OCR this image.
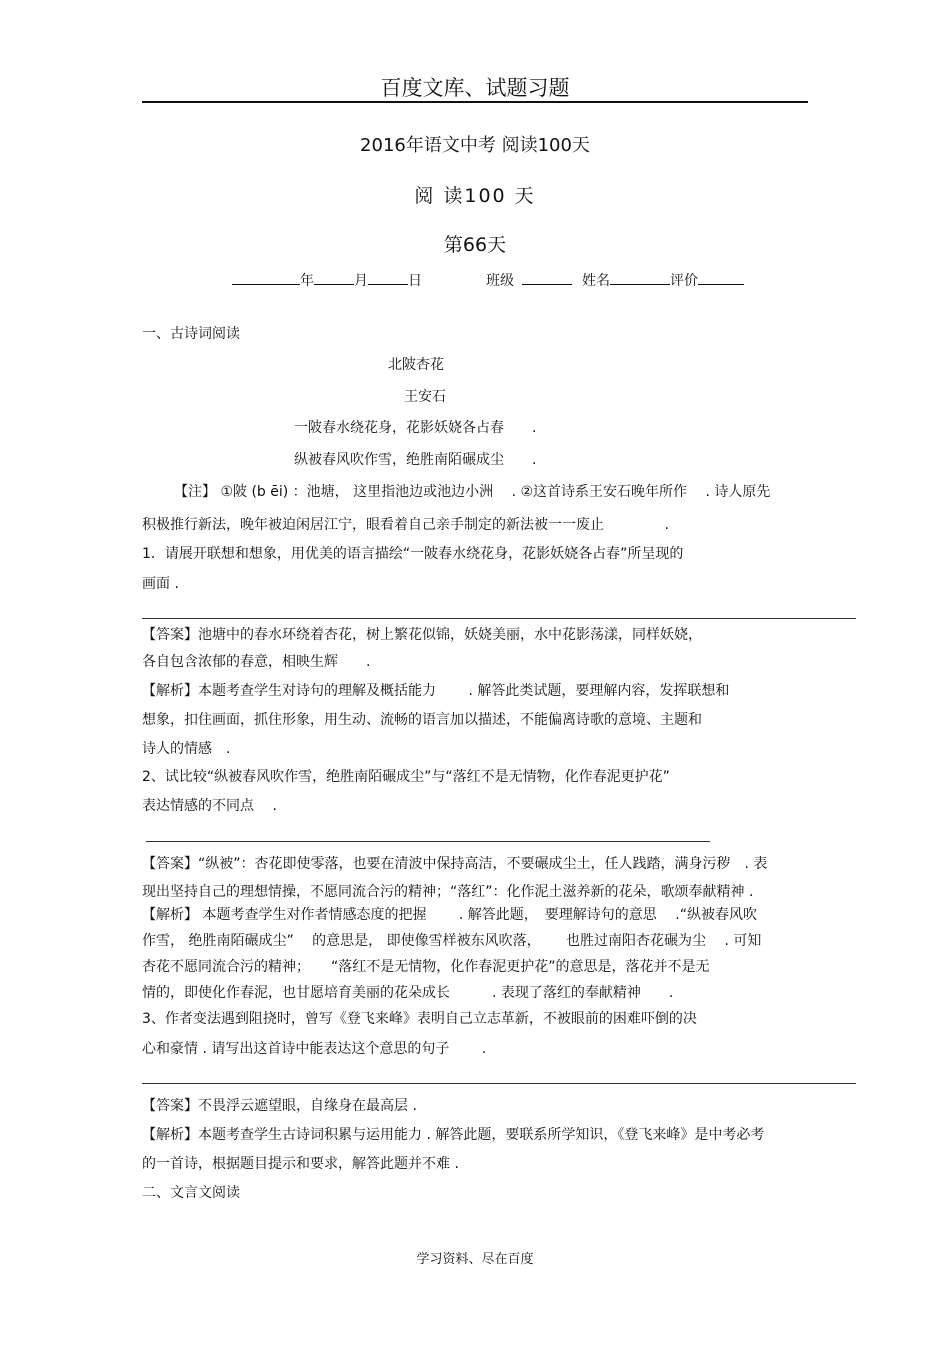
百度文库、试题习题
2016年语文中考 阅读100天
阅 读100 天
第66天
年	月	日	班级	姓名	评价
一、古诗词阅读
北陂杏花
王安石
一陂春水绕花身，花影妖娆各占春　　.
纵被春风吹作雪，绝胜南陌碾成尘　　.
【注】 ①陂 (b ēi) ：池塘， 这里指池边或池边小洲　 . ②这首诗系王安石晚年所作　 . 诗人原先
积极推行新法，晚年被迫闲居江宁，眼看着自己亲手制定的新法被一一废止　　　　 .
1．请展开联想和想象，用优美的语言描绘“一陂春水绕花身，花影妖娆各占春”所呈现的
画面 .
【答案】池塘中的春水环绕着杏花，树上繁花似锦，妖娆美丽，水中花影荡漾，同样妖娆，
各自包含浓郁的春意，相映生辉　　.
【解析】本题考查学生对诗句的理解及概括能力　　 . 解答此类试题，要理解内容，发挥联想和
想象，扣住画面，抓住形象，用生动、流畅的语言加以描述，不能偏离诗歌的意境、主题和
诗人的情感　.
2、试比较“纵被春风吹作雪，绝胜南陌碾成尘”与“落红不是无情物，化作春泥更护花”
表达情感的不同点　 .
【答案】“纵被”：杏花即使零落，也要在清波中保持高洁，不要碾成尘土，任人践踏，满身污秽　. 表
现出坚持自己的理想情操，不愿同流合污的精神；“落红”：化作泥土滋养新的花朵，歌颂奉献精神 .
【解析】 本题考查学生对作者情感态度的把握　　 . 解答此题，　要理解诗句的意思　 .“纵被春风吹
作雪， 绝胜南陌碾成尘”　 的意思是， 即使像雪样被东风吹落，　　 也胜过南阳杏花碾为尘　 . 可知
杏花不愿同流合污的精神；　　“落红不是无情物，化作春泥更护花”的意思是，落花并不是无
情的，即使化作春泥，也甘愿培育美丽的花朵成长　　　. 表现了落红的奉献精神　　.
3、作者变法遇到阻挠时，曾写《登飞来峰》表明自己立志革新，不被眼前的困难吓倒的决
心和豪情 . 请写出这首诗中能表达这个意思的句子　　 .
【答案】不畏浮云遮望眼，自缘身在最高层 .
【解析】本题考查学生古诗词积累与运用能力 . 解答此题，要联系所学知识，《登飞来峰》是中考必考
的一首诗，根据题目提示和要求，解答此题并不难 .
二、文言文阅读
学习资料、尽在百度
